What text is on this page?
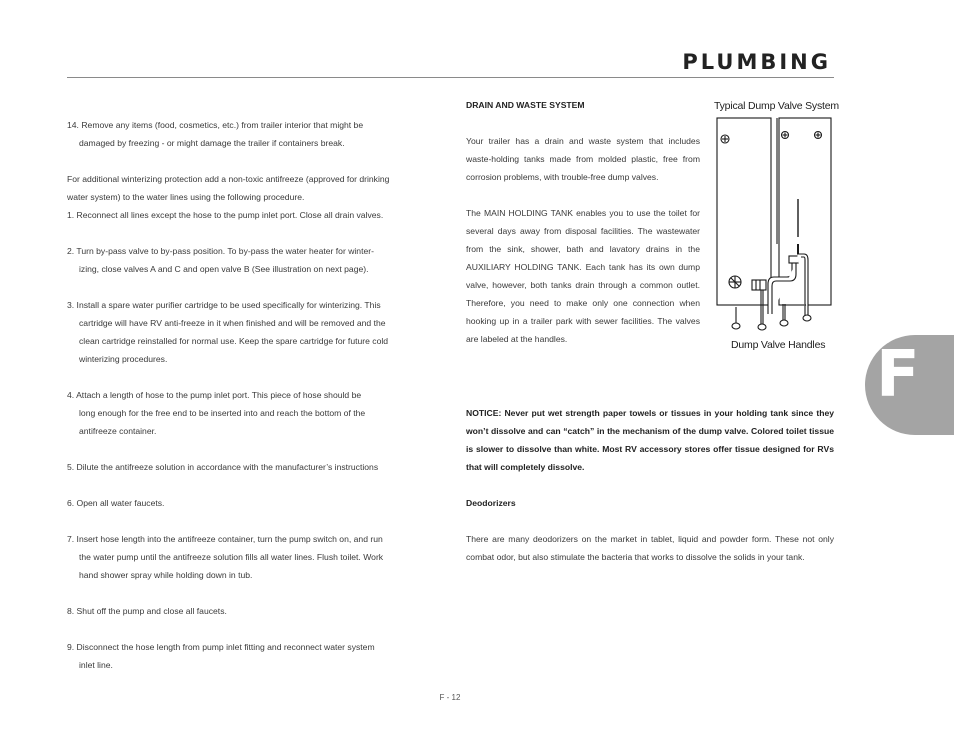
PLUMBING

14. Remove any items (food, cosmetics, etc.) from trailer interior that might be
damaged by freezing - or might damage the trailer if containers break.

For additional winterizing protection add a non-toxic antifreeze (approved for drinking
water system) to the water lines using the following procedure.

1. Reconnect all lines except the hose to the pump inlet port. Close all drain valves.

2. Turn by-pass valve to by-pass position. To by-pass the water heater for winter-
izing, close valves A and C and open valve B (See illustration on next page).

3. Install a spare water purifier cartridge to be used specifically for winterizing. This
cartridge will have RV anti-freeze in it when finished and will be removed and the
clean cartridge reinstalled for normal use. Keep the spare cartridge for future cold
winterizing procedures.

4. Attach a length of hose to the pump inlet port. This piece of hose should be
long enough for the free end to be inserted into and reach the bottom of the
antifreeze container.

5. Dilute the antifreeze solution in accordance with the manufacturer’s instructions

6. Open all water faucets.

7. Insert hose length into the antifreeze container, turn the pump switch on, and run
the water pump until the antifreeze solution fills all water lines. Flush toilet. Work
hand shower spray while holding down in tub.

8. Shut off the pump and close all faucets.

9. Disconnect the hose length from pump inlet fitting and reconnect water system
inlet line.

DRAIN AND WASTE SYSTEM

Your trailer has a drain and waste system that includes waste-holding tanks made from molded plastic, free from corrosion problems, with trouble-free dump valves.

The MAIN HOLDING TANK enables you to use the toilet for several days away from disposal facilities. The wastewater from the sink, shower, bath and lavatory drains in the AUXILIARY HOLDING TANK. Each tank has its own dump valve, however, both tanks drain through a common outlet. Therefore, you need to make only one connection when hooking up in a trailer park with sewer facilities. The valves are labeled at the handles.

NOTICE: Never put wet strength paper towels or tissues in your holding tank since they won’t dissolve and can “catch” in the mechanism of the dump valve. Colored toilet tissue is slower to dissolve than white. Most RV accessory stores offer tissue designed for RVs that will completely dissolve.

Deodorizers

There are many deodorizers on the market in tablet, liquid and powder form. These not only combat odor, but also stimulate the bacteria that works to dissolve the solids in your tank.

Typical Dump Valve System
Dump Valve Handles F
F - 12
